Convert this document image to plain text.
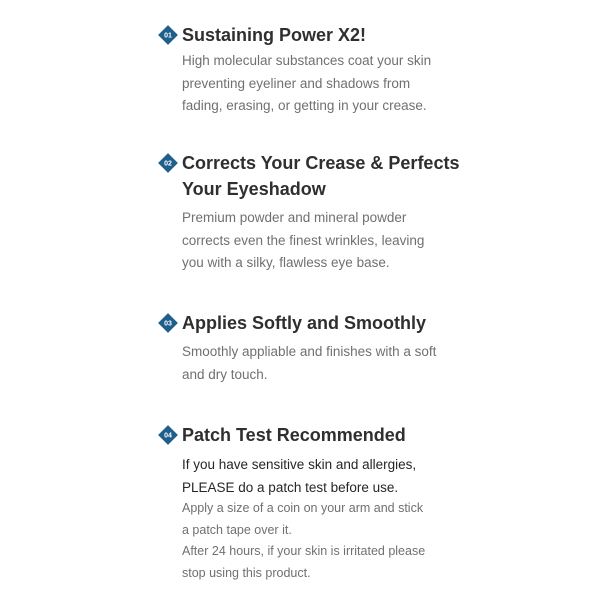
01 Sustaining Power X2!

High molecular substances coat your skin
preventing eyeliner and shadows from
fading, erasing, or getting in your crease.

02 Corrects Your Crease & Perfects
Your Eyeshadow

Premium powder and mineral powder
corrects even the finest wrinkles, leaving
you with a silky, flawless eye base.

03 Applies Softly and Smoothly

Smoothly appliable and finishes with a soft
and dry touch.

04 Patch Test Recommended

If you have sensitive skin and allergies,
PLEASE do a patch test before use.

Apply a size of a coin on your arm and stick
a patch tape over it.
After 24 hours, if your skin is irritated please
stop using this product.
